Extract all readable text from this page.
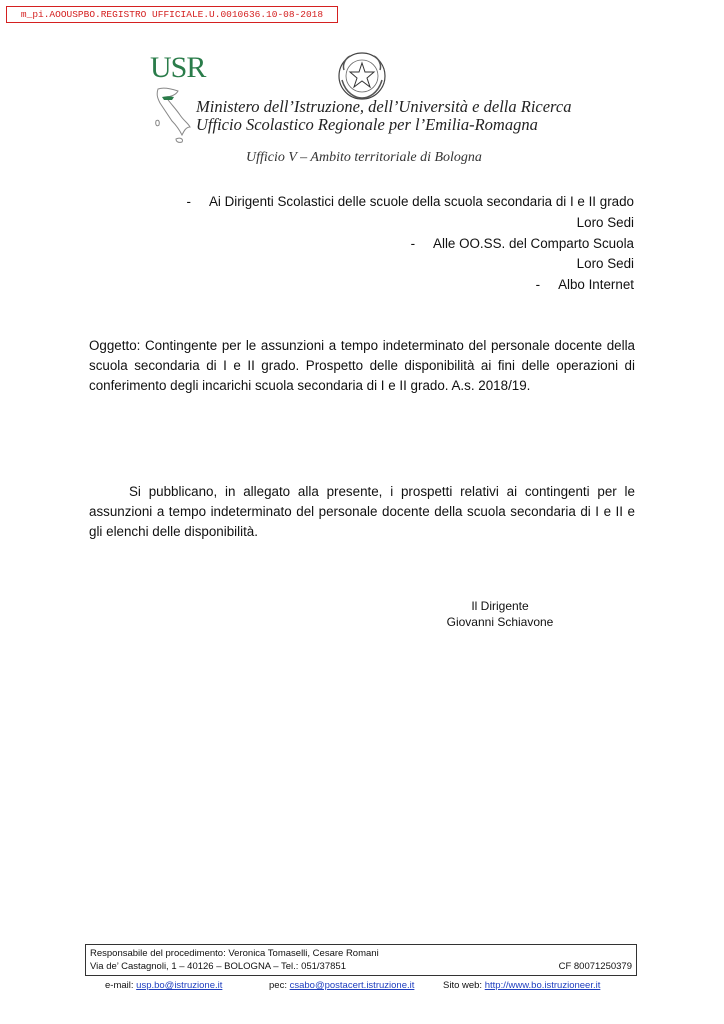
m_pi.AOOUSPBO.REGISTRO UFFICIALE.U.0010636.10-08-2018
USR
Ministero dell’Istruzione, dell’Università e della Ricerca
Ufficio Scolastico Regionale per l’Emilia-Romagna
Ufficio V – Ambito territoriale di Bologna
- Ai Dirigenti Scolastici delle scuole della scuola secondaria di I e II grado
Loro Sedi
- Alle OO.SS. del Comparto Scuola
Loro Sedi
- Albo Internet
Oggetto: Contingente per le assunzioni a tempo indeterminato del personale docente della scuola secondaria di I e II grado. Prospetto delle disponibilità ai fini delle operazioni di conferimento degli incarichi scuola secondaria di I e II grado. A.s. 2018/19.
Si pubblicano, in allegato alla presente, i prospetti relativi ai contingenti per le assunzioni a tempo indeterminato del personale docente della scuola secondaria di I e II e gli elenchi delle disponibilità.
Il Dirigente
Giovanni Schiavone
Responsabile del procedimento: Veronica Tomaselli, Cesare Romani
Via de’ Castagnoli, 1 – 40126 – BOLOGNA – Tel.: 051/37851	CF 80071250379
e-mail: usp.bo@istruzione.it	pec: csabo@postacert.istruzione.it	Sito web: http://www.bo.istruzioneer.it
